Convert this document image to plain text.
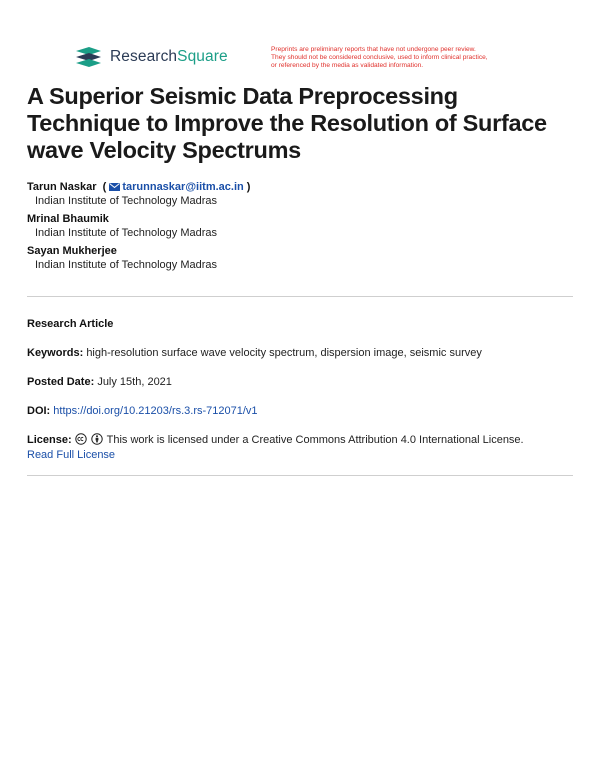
ResearchSquare	Preprints are preliminary reports that have not undergone peer review.
They should not be considered conclusive, used to inform clinical practice,
or referenced by the media as validated information.
A Superior Seismic Data Preprocessing Technique to Improve the Resolution of Surface wave Velocity Spectrums
Tarun Naskar  ( tarunnaskar@iitm.ac.in )
Indian Institute of Technology Madras
Mrinal Bhaumik
Indian Institute of Technology Madras
Sayan Mukherjee
Indian Institute of Technology Madras
Research Article
Keywords: high-resolution surface wave velocity spectrum, dispersion image, seismic survey
Posted Date: July 15th, 2021
DOI: https://doi.org/10.21203/rs.3.rs-712071/v1
License:	This work is licensed under a Creative Commons Attribution 4.0 International License.
Read Full License
